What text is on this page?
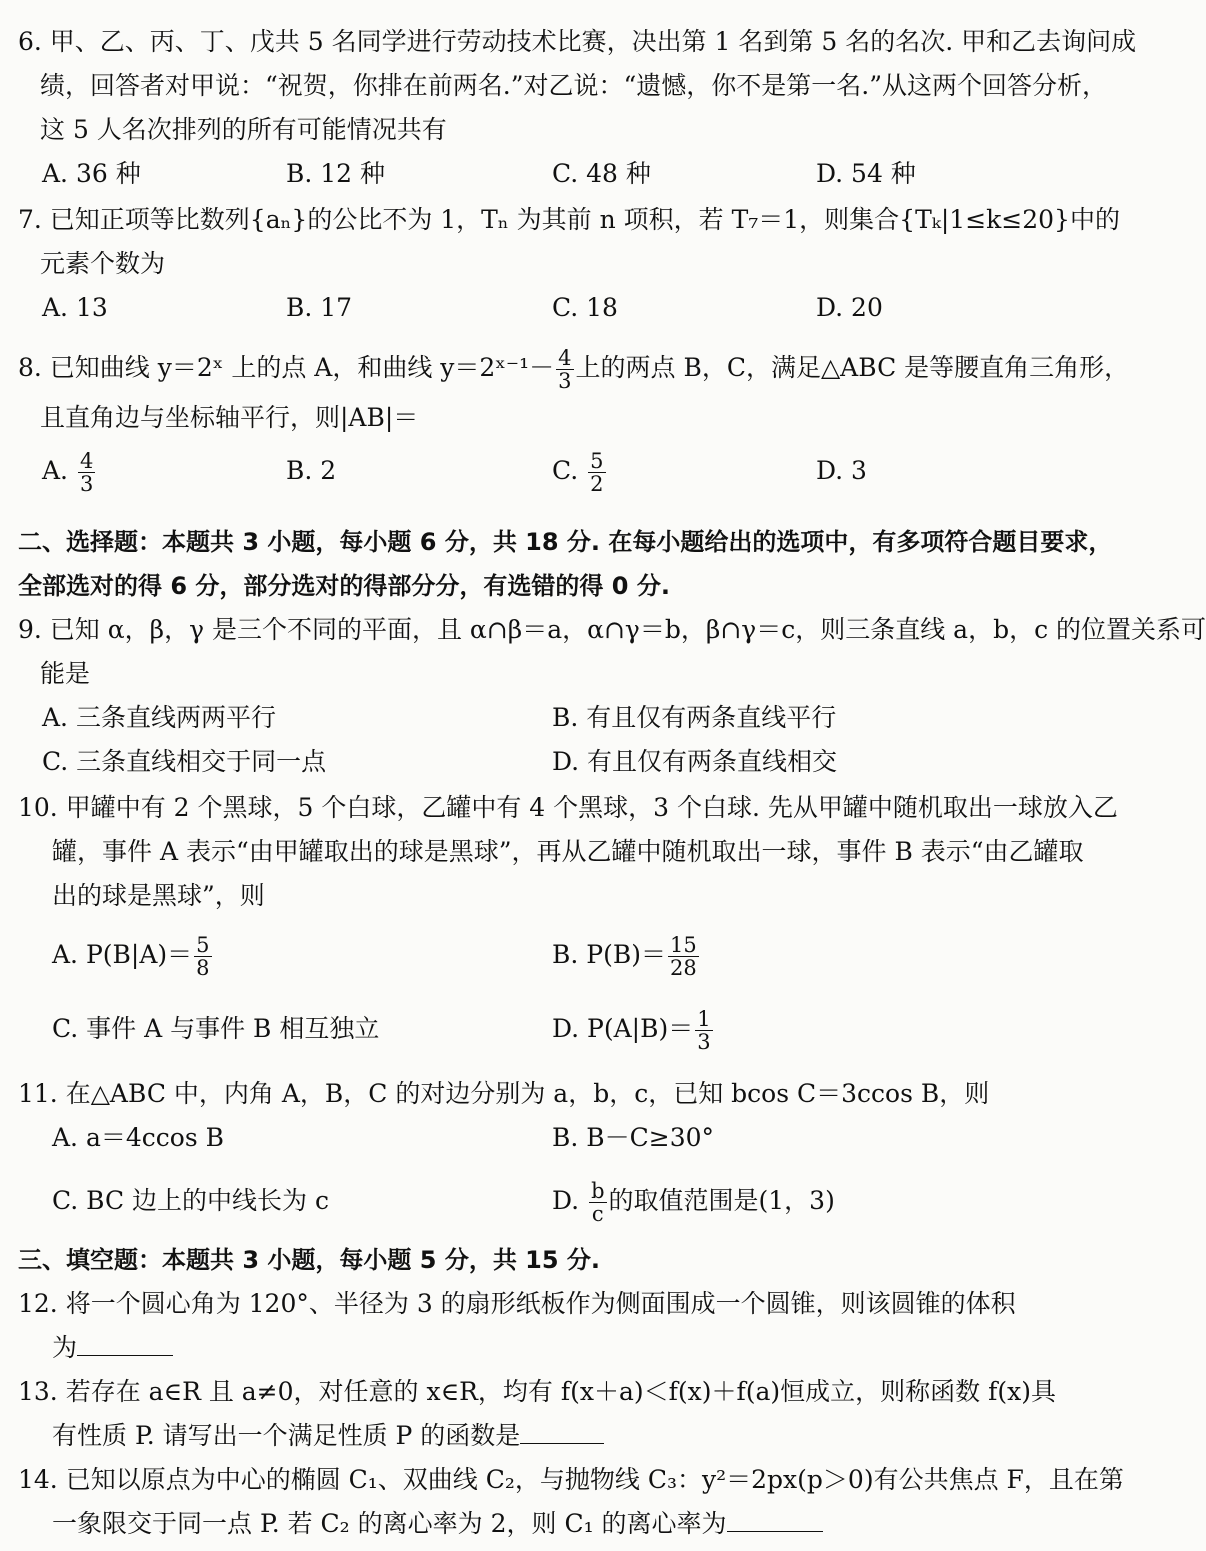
6. 甲、乙、丙、丁、戊共 5 名同学进行劳动技术比赛，决出第 1 名到第 5 名的名次. 甲和乙去询问成

绩，回答者对甲说：“祝贺，你排在前两名.”对乙说：“遗憾，你不是第一名.”从这两个回答分析，

这 5 人名次排列的所有可能情况共有

A. 36 种	B. 12 种	C. 48 种	D. 54 种

7. 已知正项等比数列{aₙ}的公比不为 1，Tₙ 为其前 n 项积，若 T₇＝1，则集合{Tₖ|1≤k≤20}中的

元素个数为

A. 13	B. 17	C. 18	D. 20

8. 已知曲线 y＝2ˣ 上的点 A，和曲线 y＝2ˣ⁻¹－ $\frac{4}{3}$ 上的两点 B，C，满足△ABC 是等腰直角三角形，

且直角边与坐标轴平行，则|AB|＝

A. $\frac{4}{3}$	B. 2	C. $\frac{5}{2}$	D. 3

二、选择题：本题共 3 小题，每小题 6 分，共 18 分. 在每小题给出的选项中，有多项符合题目要求，

全部选对的得 6 分，部分选对的得部分分，有选错的得 0 分.

9. 已知 α，β，γ 是三个不同的平面，且 α∩β＝a，α∩γ＝b，β∩γ＝c，则三条直线 a，b，c 的位置关系可

能是

A. 三条直线两两平行	B. 有且仅有两条直线平行
C. 三条直线相交于同一点	D. 有且仅有两条直线相交

10. 甲罐中有 2 个黑球，5 个白球，乙罐中有 4 个黑球，3 个白球. 先从甲罐中随机取出一球放入乙

罐，事件 A 表示“由甲罐取出的球是黑球”，再从乙罐中随机取出一球，事件 B 表示“由乙罐取

出的球是黑球”，则

A. $P(B|A)= \frac{5}{8}$	B. $P(B)= \frac{15}{28}$
C. 事件 A 与事件 B 相互独立	D. $P(A|B)= \frac{1}{3}$

11. 在△ABC 中，内角 A，B，C 的对边分别为 a，b，c，已知 bcos C＝3ccos B，则

A. a＝4ccos B	B. B－C≥30°
C. BC 边上的中线长为 c	D. $\frac{b}{c}$ 的取值范围是(1，3)

三、填空题：本题共 3 小题，每小题 5 分，共 15 分.

12. 将一个圆心角为 120°、半径为 3 的扇形纸板作为侧面围成一个圆锥，则该圆锥的体积

为

13. 若存在 a∈R 且 a≠0，对任意的 x∈R，均有 f(x＋a)＜f(x)＋f(a)恒成立，则称函数 f(x)具

有性质 P. 请写出一个满足性质 P 的函数是

14. 已知以原点为中心的椭圆 C₁、双曲线 C₂，与抛物线 C₃：y²＝2px(p＞0)有公共焦点 F，且在第

一象限交于同一点 P. 若 C₂ 的离心率为 2，则 C₁ 的离心率为
